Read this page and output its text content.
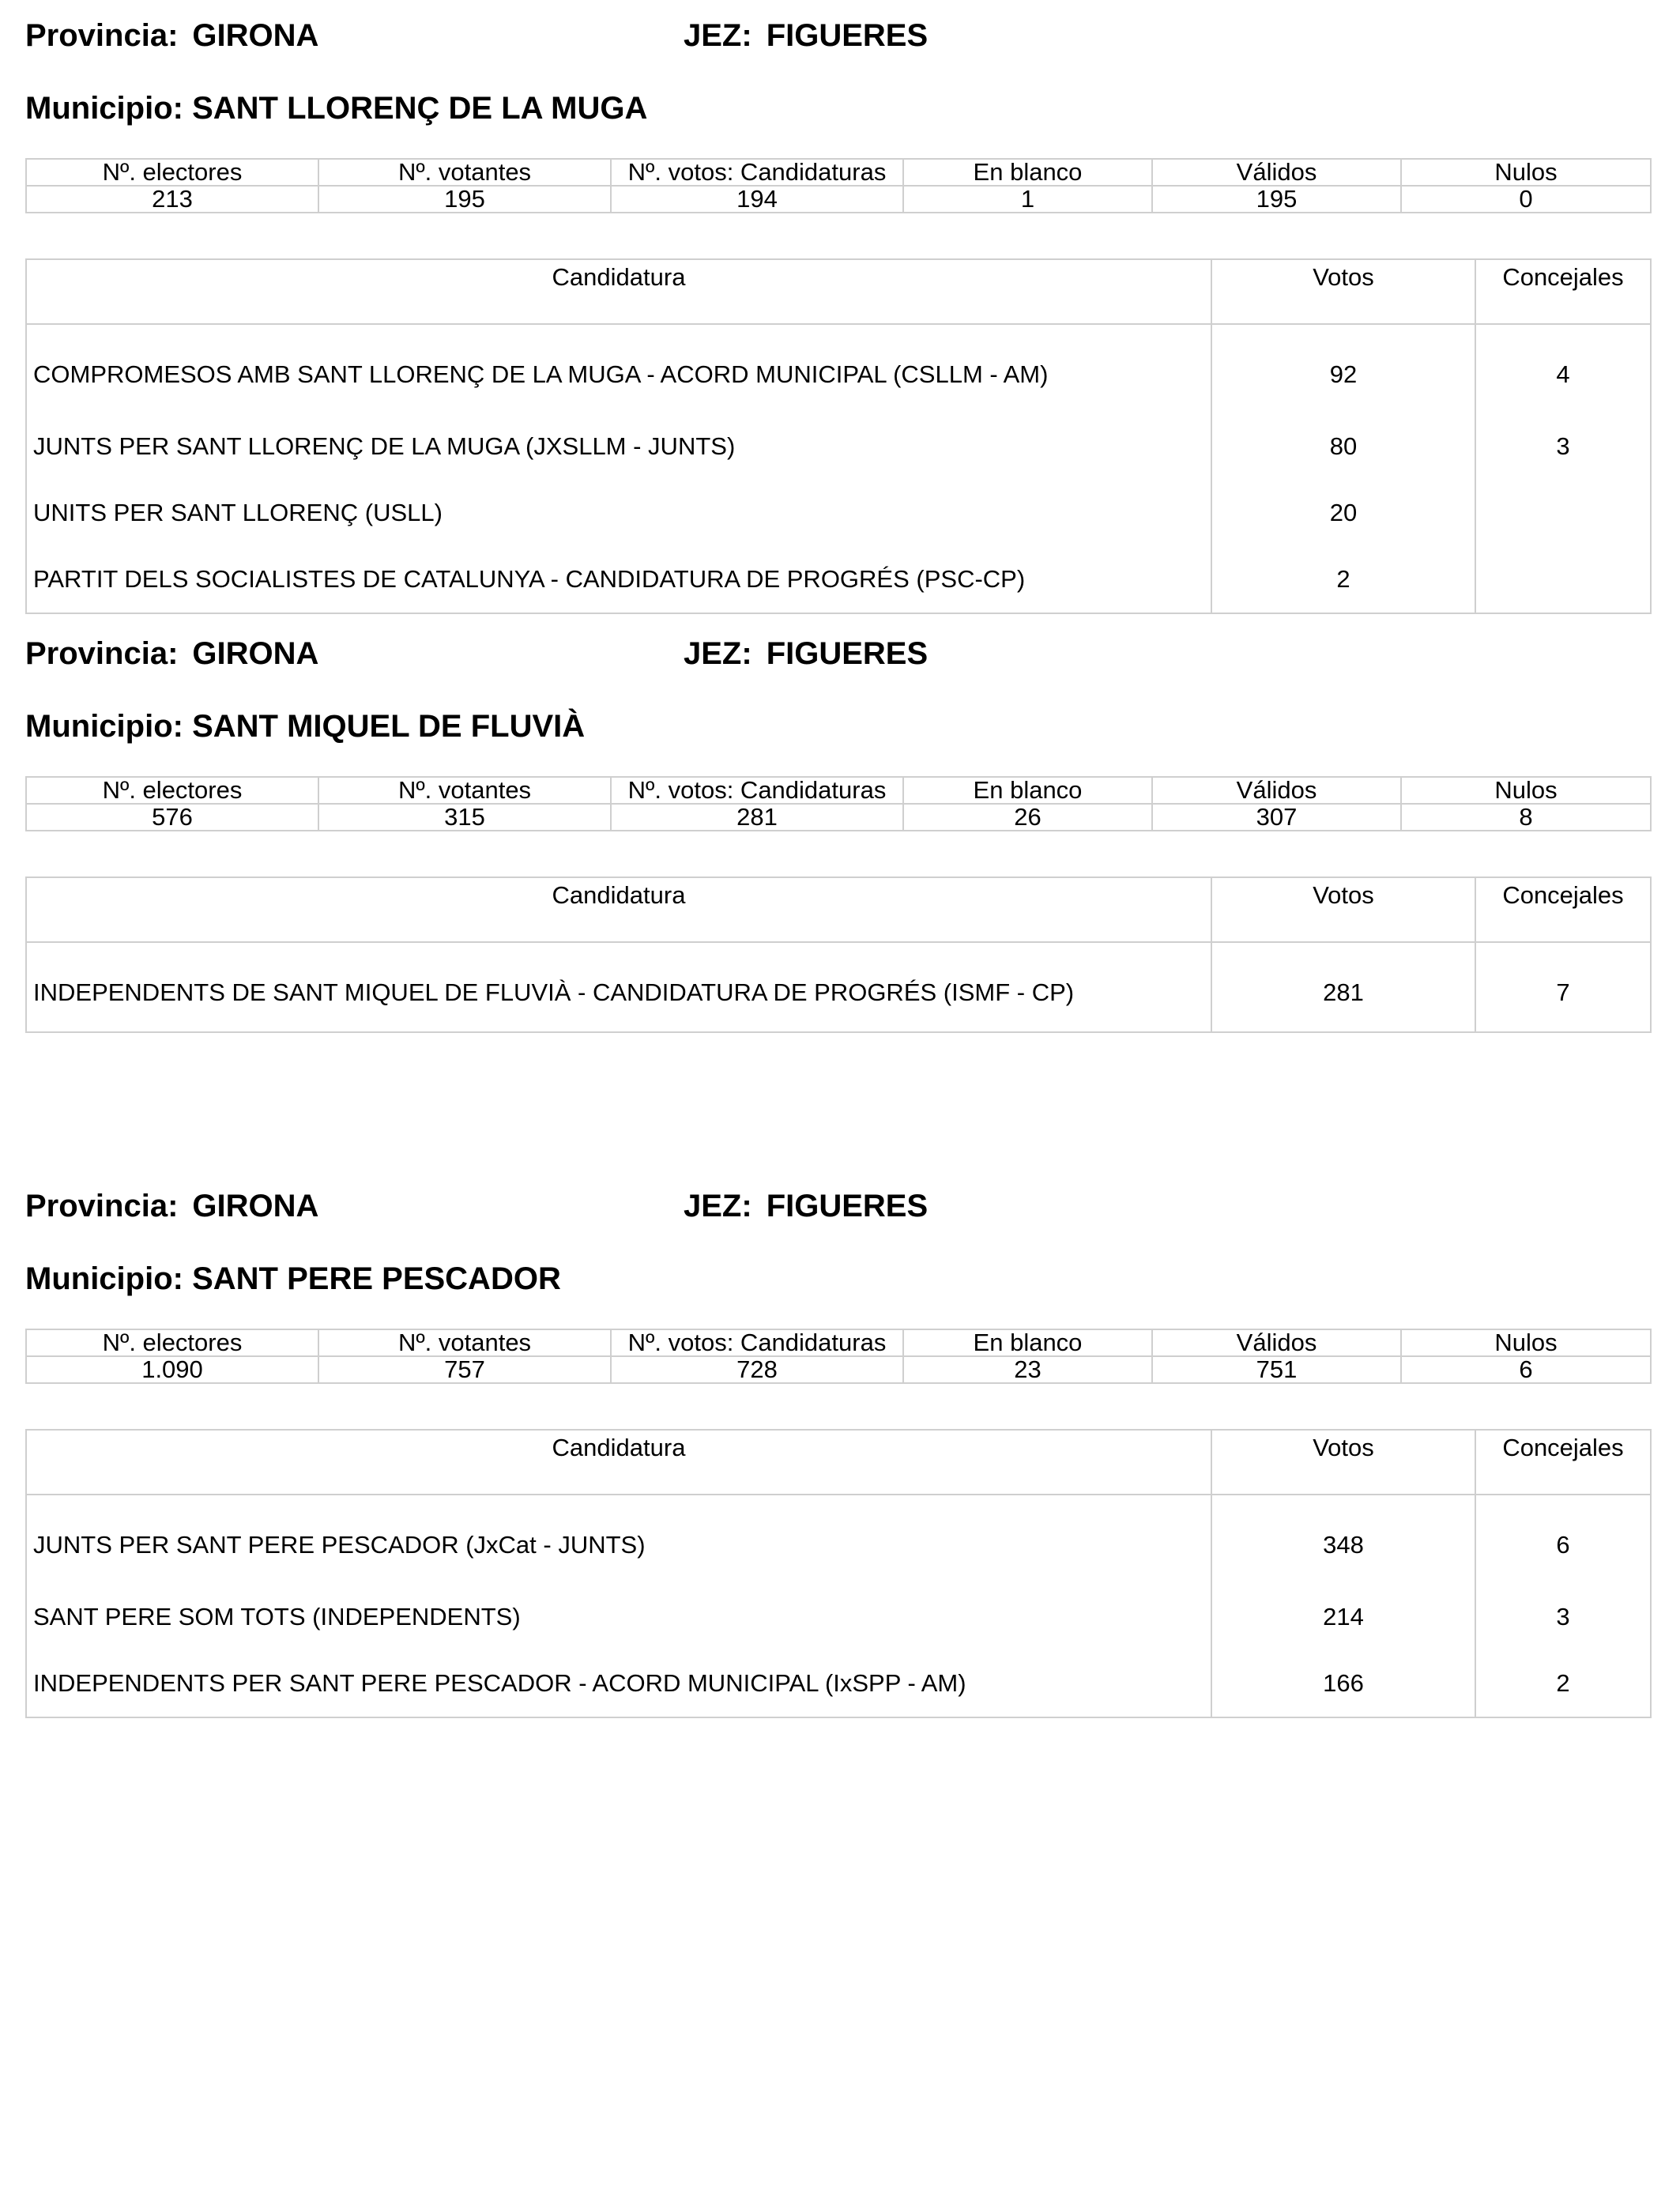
Provincia: GIRONA	JEZ: FIGUERES
Municipio: SANT LLORENÇ DE LA MUGA
Nº. electores	Nº. votantes	Nº. votos: Candidaturas	En blanco	Válidos	Nulos
213	195	194	1	195	0
Candidatura	Votos	Concejales
COMPROMESOS AMB SANT LLORENÇ DE LA MUGA - ACORD MUNICIPAL (CSLLM - AM)	92	4
JUNTS PER SANT LLORENÇ DE LA MUGA (JXSLLM - JUNTS)	80	3
UNITS PER SANT LLORENÇ (USLL)	20	
PARTIT DELS SOCIALISTES DE CATALUNYA - CANDIDATURA DE PROGRÉS (PSC-CP)	2	
Provincia: GIRONA	JEZ: FIGUERES
Municipio: SANT MIQUEL DE FLUVIÀ
Nº. electores	Nº. votantes	Nº. votos: Candidaturas	En blanco	Válidos	Nulos
576	315	281	26	307	8
Candidatura	Votos	Concejales
INDEPENDENTS DE SANT MIQUEL DE FLUVIÀ - CANDIDATURA DE PROGRÉS (ISMF - CP)	281	7
Provincia: GIRONA	JEZ: FIGUERES
Municipio: SANT PERE PESCADOR
Nº. electores	Nº. votantes	Nº. votos: Candidaturas	En blanco	Válidos	Nulos
1.090	757	728	23	751	6
Candidatura	Votos	Concejales
JUNTS PER SANT PERE PESCADOR (JxCat - JUNTS)	348	6
SANT PERE SOM TOTS (INDEPENDENTS)	214	3
INDEPENDENTS PER SANT PERE PESCADOR - ACORD MUNICIPAL (IxSPP - AM)	166	2
